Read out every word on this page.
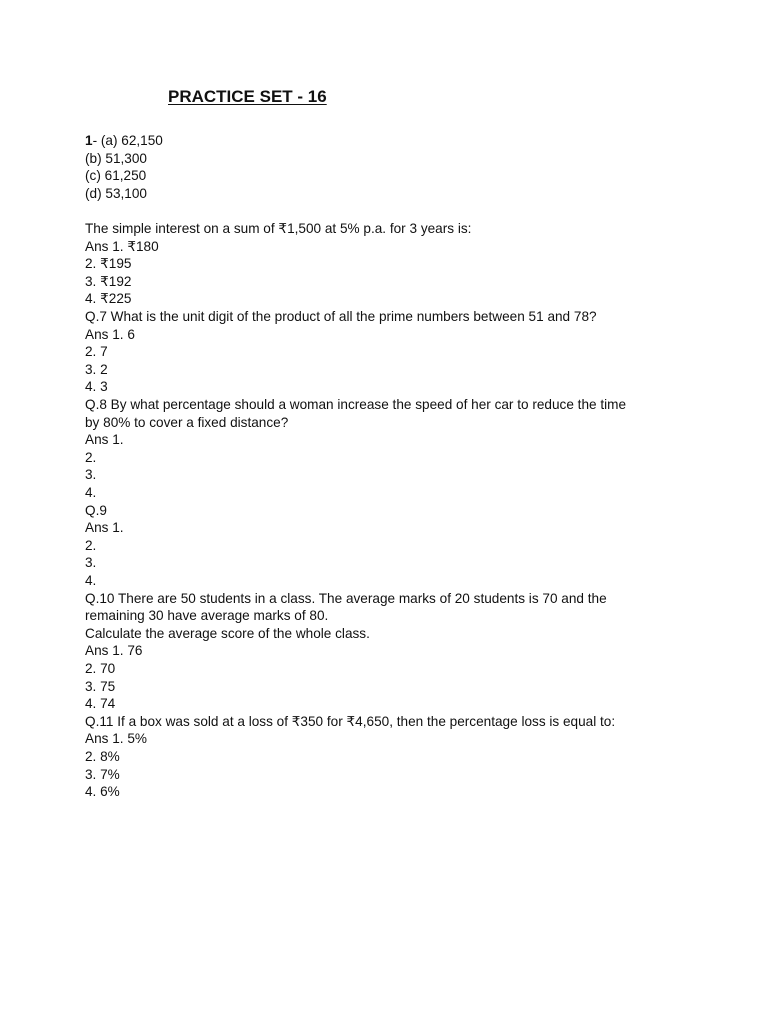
PRACTICE SET - 16
1- (a) 62,150
(b) 51,300
(c) 61,250
(d) 53,100
The simple interest on a sum of ₹1,500 at 5% p.a. for 3 years is:
Ans 1. ₹180
2. ₹195
3. ₹192
4. ₹225
Q.7 What is the unit digit of the product of all the prime numbers between 51 and 78?
Ans 1. 6
2. 7
3. 2
4. 3
Q.8 By what percentage should a woman increase the speed of her car to reduce the time
by 80% to cover a fixed distance?
Ans 1.
2.
3.
4.
Q.9
Ans 1.
2.
3.
4.
Q.10 There are 50 students in a class. The average marks of 20 students is 70 and the
remaining 30 have average marks of 80.
Calculate the average score of the whole class.
Ans 1. 76
2. 70
3. 75
4. 74
Q.11 If a box was sold at a loss of ₹350 for ₹4,650, then the percentage loss is equal to:
Ans 1. 5%
2. 8%
3. 7%
4. 6%
